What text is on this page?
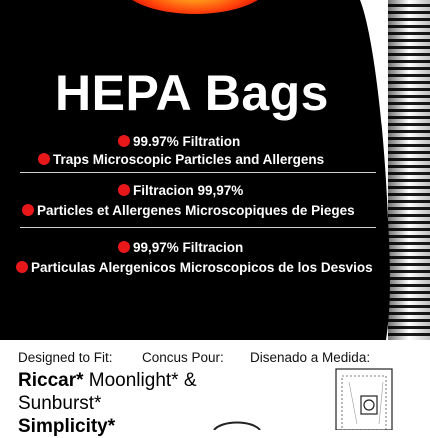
HEPA Bags
99.97% Filtration
Traps Microscopic Particles and Allergens
Filtracion 99,97%
Particles et Allergenes Microscopiques de Pieges
99,97% Filtracion
Particulas Alergenicos Microscopicos de los Desvios
Designed to Fit: Concus Pour: Disenado a Medida:
Riccar* Moonlight* &
Sunburst*
Simplicity*
